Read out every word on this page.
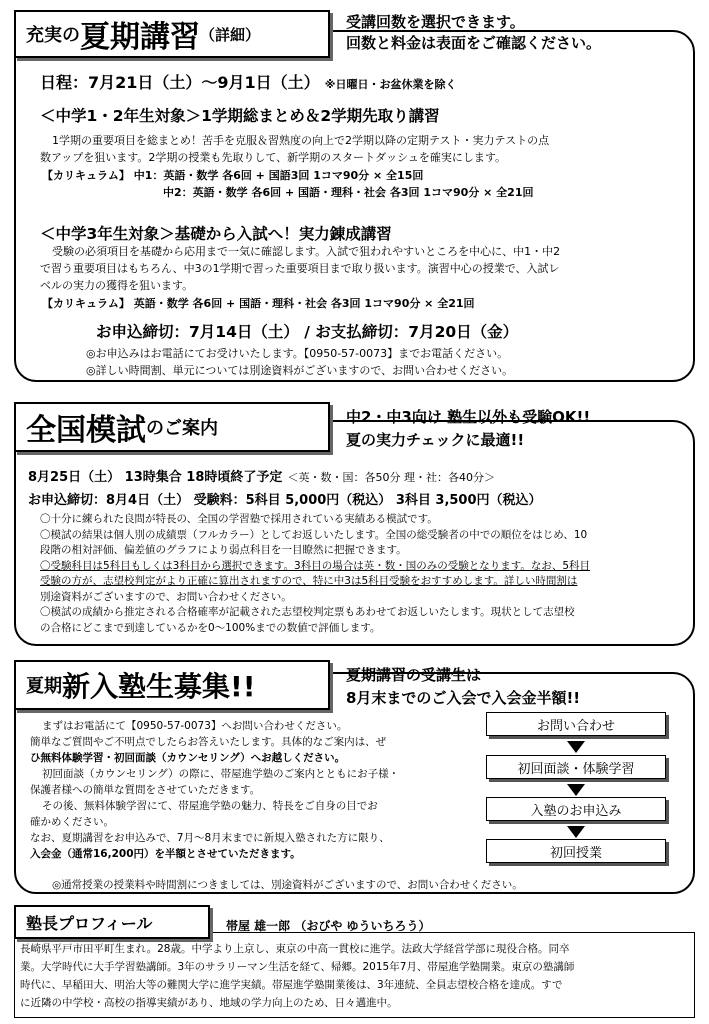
充実の 夏期講習 （詳細）
受講回数を選択できます。
回数と料金は表面をご確認ください。
日程：7月21日（土）～9月1日（土） ※日曜日・お盆休業を除く
＜中学1・2年生対象＞1学期総まとめ＆2学期先取り講習

1学期の重要項目を総まとめ！苦手を克服＆習熟度の向上で2学期以降の定期テスト・実力テストの点

数アップを狙います。2学期の授業も先取りして、新学期のスタートダッシュを確実にします。

【カリキュラム】 中1：英語・数学 各6回 + 国語3回 1コマ90分 × 全15回

中2：英語・数学 各6回 + 国語・理科・社会 各3回 1コマ90分 × 全21回

＜中学3年生対象＞基礎から入試へ！実力錬成講習

受験の必須項目を基礎から応用まで一気に確認します。入試で狙われやすいところを中心に、中1・中2

で習う重要項目はもちろん、中3の1学期で習った重要項目まで取り扱います。演習中心の授業で、入試レ

ベルの実力の獲得を狙います。

【カリキュラム】 英語・数学 各6回 + 国語・理科・社会 各3回 1コマ90分 × 全21回
お申込締切：7月14日（土） / お支払締切：7月20日（金）
◎お申込みはお電話にてお受けいたします。【0950-57-0073】までお電話ください。
◎詳しい時間割、単元については別途資料がございますので、お問い合わせください。
全国模試 のご案内
中2・中3向け 塾生以外も受験OK!!
夏の実力チェックに最適!!
8月25日（土） 13時集合 18時頃終了予定 ＜英・数・国：各50分 理・社：各40分＞
お申込締切：8月4日（土） 受験料：5科目 5,000円（税込） 3科目 3,500円（税込）

〇十分に練られた良問が特長の、全国の学習塾で採用されている実績ある模試です。

〇模試の結果は個人別の成績票（フルカラー）としてお返しいたします。全国の総受験者の中での順位をはじめ、10

段階の相対評価、偏差値のグラフにより弱点科目を一目瞭然に把握できます。

〇受験科目は5科目もしくは3科目から選択できます。3科目の場合は英・数・国のみの受験となります。なお、5科目

受験の方が、志望校判定がより正確に算出されますので、特に中3は5科目受験をおすすめします。詳しい時間割は

別途資料がございますので、お問い合わせください。

〇模試の成績から推定される合格確率が記載された志望校判定票もあわせてお返しいたします。現状として志望校

の合格にどこまで到達しているかを0～100%までの数値で評価します。

夏期 新入塾生募集!!	夏期講習の受講生は
8月末までのご入会で入会金半額!!

まずはお電話にて【0950-57-0073】へお問い合わせください。

簡単なご質問やご不明点でしたらお答えいたします。具体的なご案内は、ぜ

ひ無料体験学習・初回面談（カウンセリング）へお越しください。

初回面談（カウンセリング）の際に、帯屋進学塾のご案内とともにお子様・

保護者様への簡単な質問をさせていただきます。

その後、無料体験学習にて、帯屋進学塾の魅力、特長をご自身の目でお

確かめください。

なお、夏期講習をお申込みで、7月～8月末までに新規入塾された方に限り、

入会金（通常16,200円）を半額とさせていただきます。

お問い合わせ
初回面談・体験学習
入塾のお申込み
初回授業
◎通常授業の授業料や時間割につきましては、別途資料がございますので、お問い合わせください。
塾長プロフィール	帯屋 雄一郎 （おびや ゆういちろう）

長崎県平戸市田平町生まれ。28歳。中学より上京し、東京の中高一貫校に進学。法政大学経営学部に現役合格。同卒

業。大学時代に大手学習塾講師。3年のサラリーマン生活を経て、帰郷。2015年7月、帯屋進学塾開業。東京の塾講師

時代に、早稲田大、明治大等の難関大学に進学実績。帯屋進学塾開業後は、3年連続、全員志望校合格を達成。すで

に近隣の中学校・高校の指導実績があり、地域の学力向上のため、日々邁進中。
